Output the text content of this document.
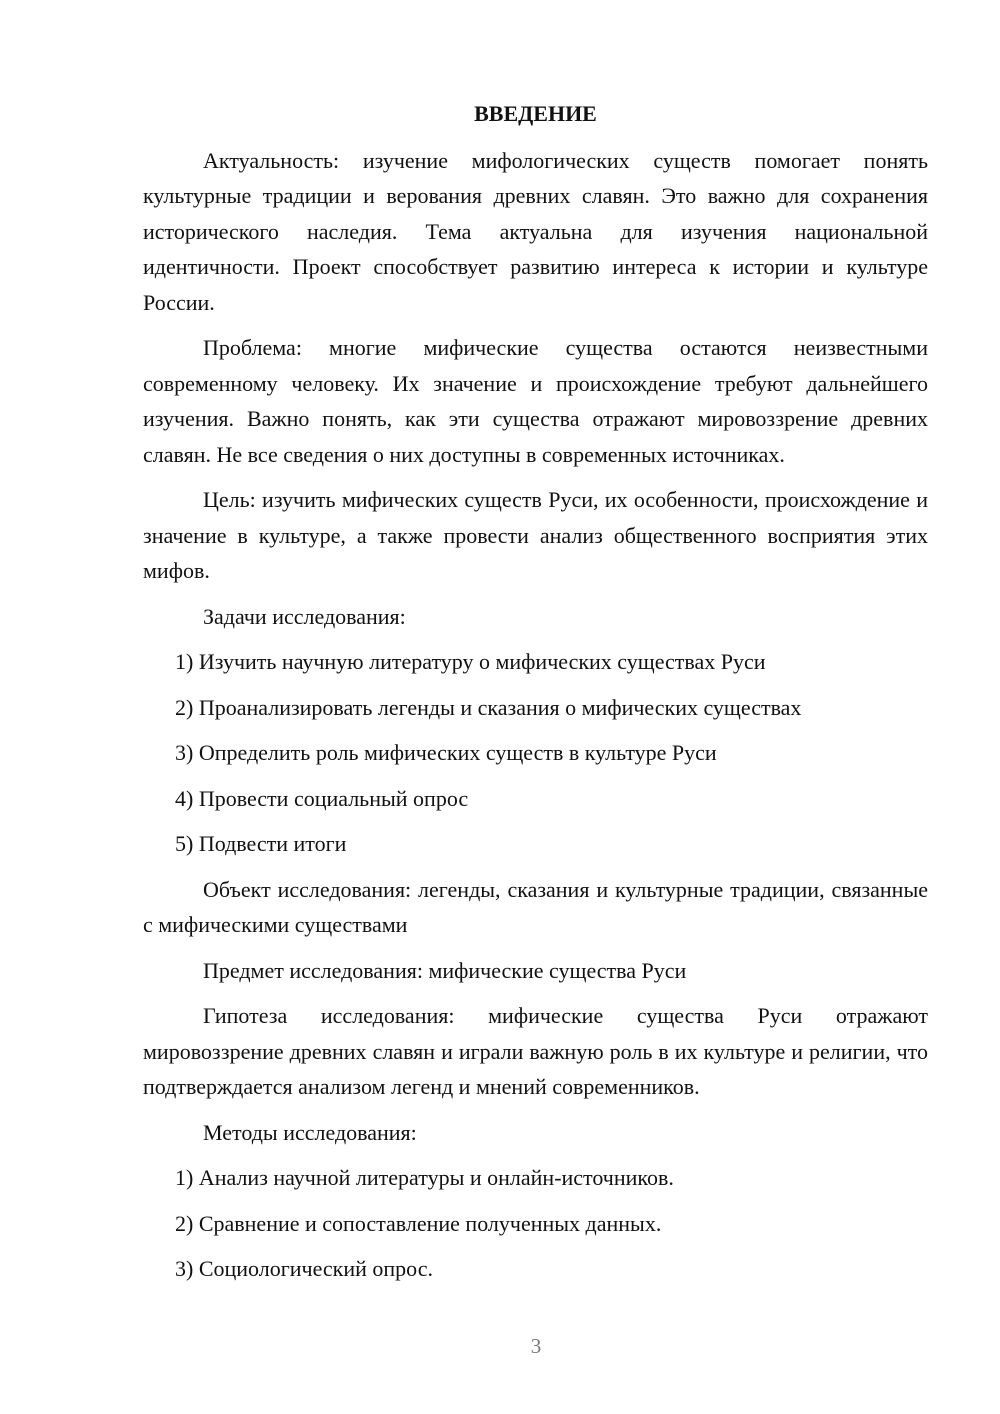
ВВЕДЕНИЕ

Актуальность: изучение мифологических существ помогает понять культурные традиции и верования древних славян. Это важно для сохранения исторического наследия. Тема актуальна для изучения национальной идентичности. Проект способствует развитию интереса к истории и культуре России.

Проблема: многие мифические существа остаются неизвестными современному человеку. Их значение и происхождение требуют дальнейшего изучения. Важно понять, как эти существа отражают мировоззрение древних славян. Не все сведения о них доступны в современных источниках.

Цель: изучить мифических существ Руси, их особенности, происхождение и значение в культуре, а также провести анализ общественного восприятия этих мифов.

Задачи исследования:

1) Изучить научную литературу о мифических существах Руси
2) Проанализировать легенды и сказания о мифических существах
3) Определить роль мифических существ в культуре Руси
4) Провести социальный опрос
5) Подвести итоги

Объект исследования: легенды, сказания и культурные традиции, связанные с мифическими существами

Предмет исследования: мифические существа Руси

Гипотеза исследования: мифические существа Руси отражают мировоззрение древних славян и играли важную роль в их культуре и религии, что подтверждается анализом легенд и мнений современников.

Методы исследования:

1) Анализ научной литературы и онлайн-источников.
2) Сравнение и сопоставление полученных данных.
3) Социологический опрос.
3
